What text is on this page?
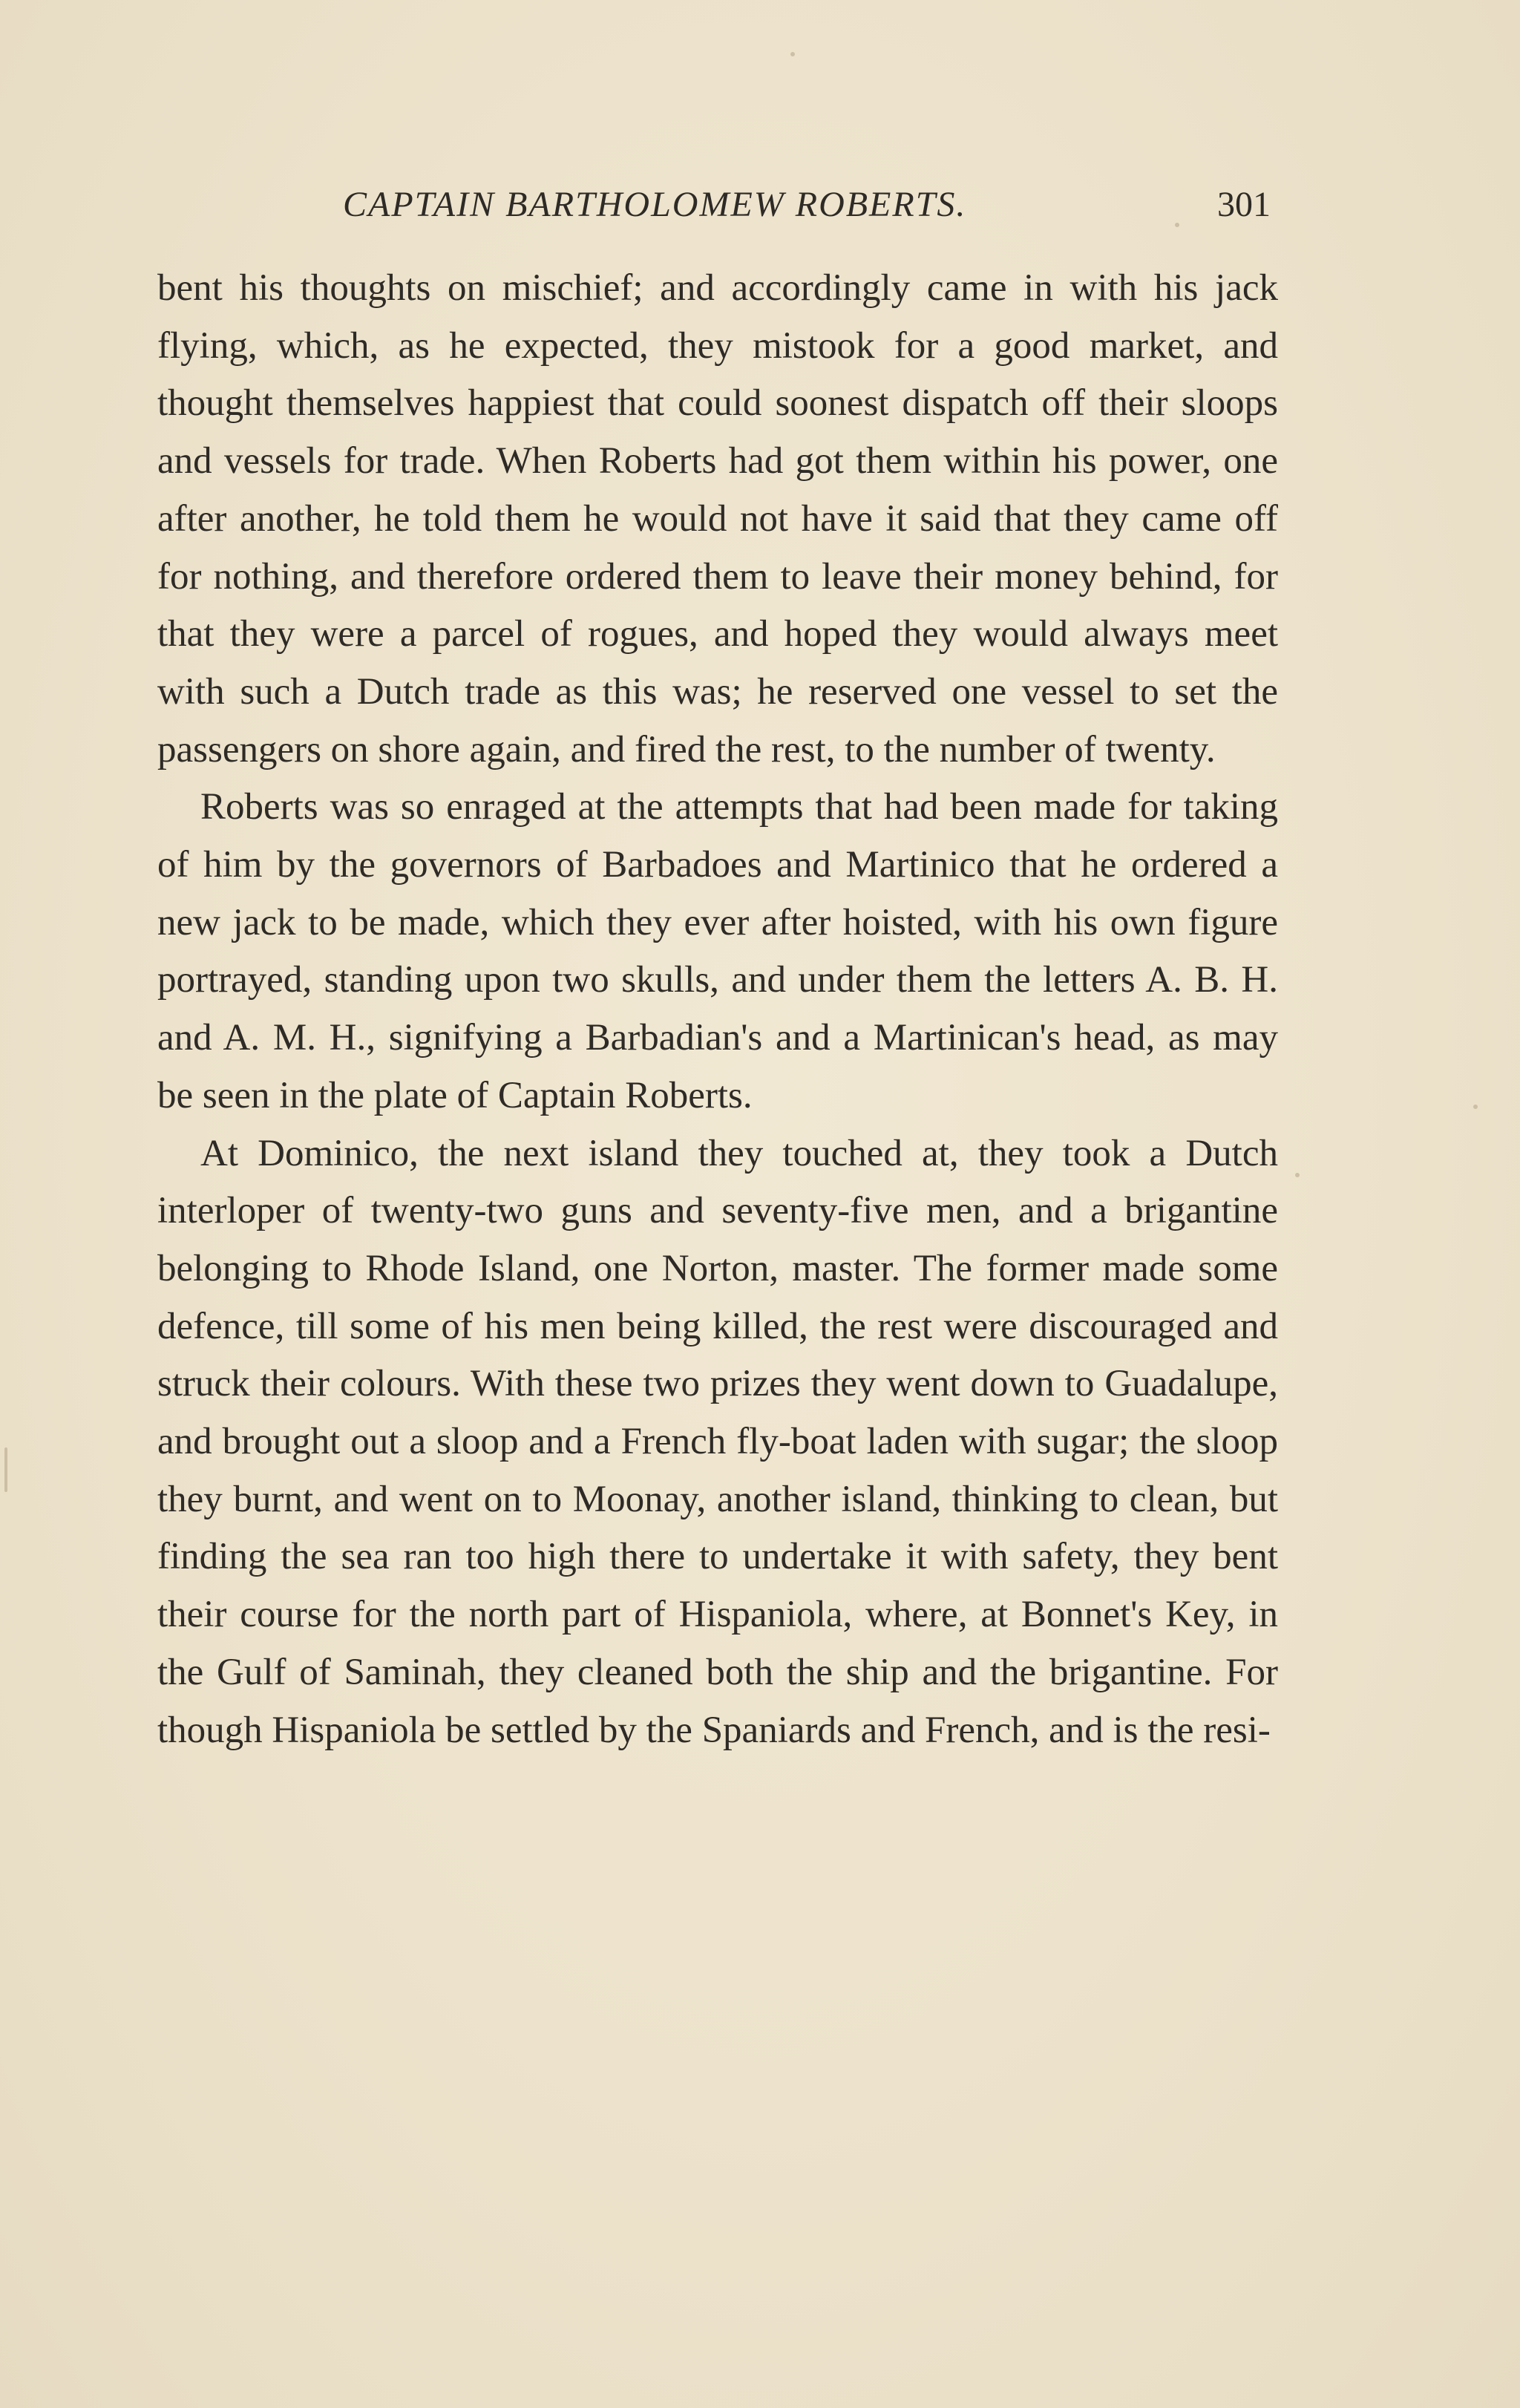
CAPTAIN BARTHOLOMEW ROBERTS.	301

bent his thoughts on mischief; and accordingly came in with his jack flying, which, as he expected, they mistook for a good market, and thought themselves happiest that could soonest dispatch off their sloops and vessels for trade. When Roberts had got them within his power, one after another, he told them he would not have it said that they came off for nothing, and therefore ordered them to leave their money behind, for that they were a parcel of rogues, and hoped they would always meet with such a Dutch trade as this was; he reserved one vessel to set the passengers on shore again, and fired the rest, to the number of twenty.

Roberts was so enraged at the attempts that had been made for taking of him by the governors of Barbadoes and Martinico that he ordered a new jack to be made, which they ever after hoisted, with his own figure portrayed, standing upon two skulls, and under them the letters A. B. H. and A. M. H., signifying a Barbadian's and a Martinican's head, as may be seen in the plate of Captain Roberts.

At Dominico, the next island they touched at, they took a Dutch interloper of twenty-two guns and seventy-five men, and a brigantine belonging to Rhode Island, one Norton, master. The former made some defence, till some of his men being killed, the rest were discouraged and struck their colours. With these two prizes they went down to Guadalupe, and brought out a sloop and a French fly-boat laden with sugar; the sloop they burnt, and went on to Moonay, another island, thinking to clean, but finding the sea ran too high there to undertake it with safety, they bent their course for the north part of Hispaniola, where, at Bonnet's Key, in the Gulf of Saminah, they cleaned both the ship and the brigantine. For though Hispaniola be settled by the Spaniards and French, and is the resi-
